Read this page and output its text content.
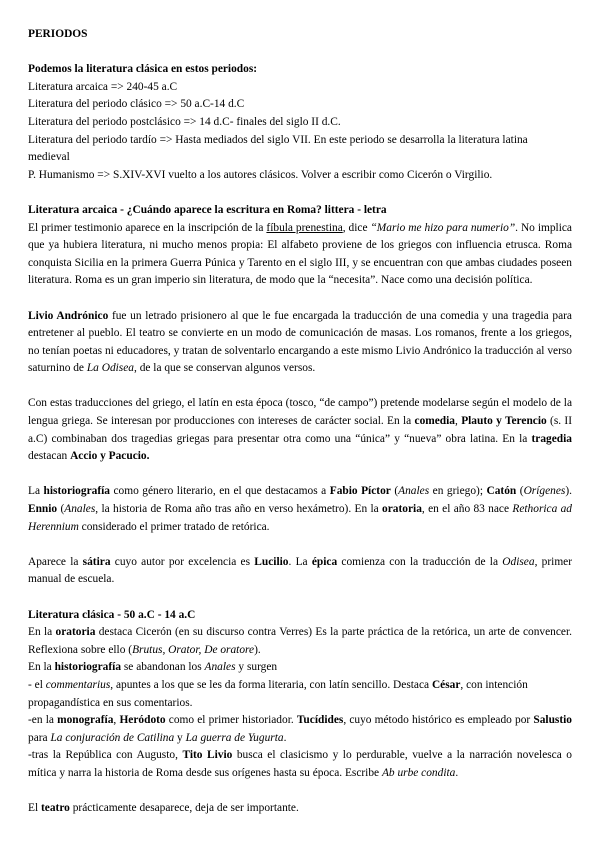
PERIODOS
Podemos la literatura clásica en estos periodos:
Literatura arcaica => 240-45 a.C
Literatura del periodo clásico => 50 a.C-14 d.C
Literatura del periodo postclásico => 14 d.C- finales del siglo II d.C.
Literatura del periodo tardío => Hasta mediados del siglo VII. En este periodo se desarrolla la literatura latina medieval
P. Humanismo => S.XIV-XVI vuelto a los autores clásicos. Volver a escribir como Cicerón o Virgilio.
Literatura arcaica - ¿Cuándo aparece la escritura en Roma? littera - letra

El primer testimonio aparece en la inscripción de la fíbula prenestina, dice “Mario me hizo para numerio”. No implica que ya hubiera literatura, ni mucho menos propia: El alfabeto proviene de los griegos con influencia etrusca. Roma conquista Sicilia en la primera Guerra Púnica y Tarento en el siglo III, y se encuentran con que ambas ciudades poseen literatura. Roma es un gran imperio sin literatura, de modo que la “necesita”. Nace como una decisión política.

Livio Andrónico fue un letrado prisionero al que le fue encargada la traducción de una comedia y una tragedia para entretener al pueblo. El teatro se convierte en un modo de comunicación de masas. Los romanos, frente a los griegos, no tenían poetas ni educadores, y tratan de solventarlo encargando a este mismo Livio Andrónico la traducción al verso saturnino de La Odisea, de la que se conservan algunos versos.

Con estas traducciones del griego, el latín en esta época (tosco, “de campo”) pretende modelarse según el modelo de la lengua griega. Se interesan por producciones con intereses de carácter social. En la comedia, Plauto y Terencio (s. II a.C) combinaban dos tragedias griegas para presentar otra como una “única” y “nueva” obra latina. En la tragedia destacan Accio y Pacucio.

La historiografía como género literario, en el que destacamos a Fabio Píctor (Anales en griego); Catón (Orígenes). Ennio (Anales, la historia de Roma año tras año en verso hexámetro). En la oratoria, en el año 83 nace Rethorica ad Herennium considerado el primer tratado de retórica.

Aparece la sátira cuyo autor por excelencia es Lucilio. La épica comienza con la traducción de la Odisea, primer manual de escuela.

Literatura clásica - 50 a.C - 14 a.C

En la oratoria destaca Cicerón (en su discurso contra Verres) Es la parte práctica de la retórica, un arte de convencer. Reflexiona sobre ello (Brutus, Orator, De oratore).

En la historiografía se abandonan los Anales y surgen

- el commentarius, apuntes a los que se les da forma literaria, con latín sencillo. Destaca César, con intención propagandística en sus comentarios.

-en la monografía, Heródoto como el primer historiador. Tucídides, cuyo método histórico es empleado por Salustio para La conjuración de Catilina y La guerra de Yugurta.

-tras la República con Augusto, Tito Livio busca el clasicismo y lo perdurable, vuelve a la narración novelesca o mítica y narra la historia de Roma desde sus orígenes hasta su época. Escribe Ab urbe condita.

El teatro prácticamente desaparece, deja de ser importante.
